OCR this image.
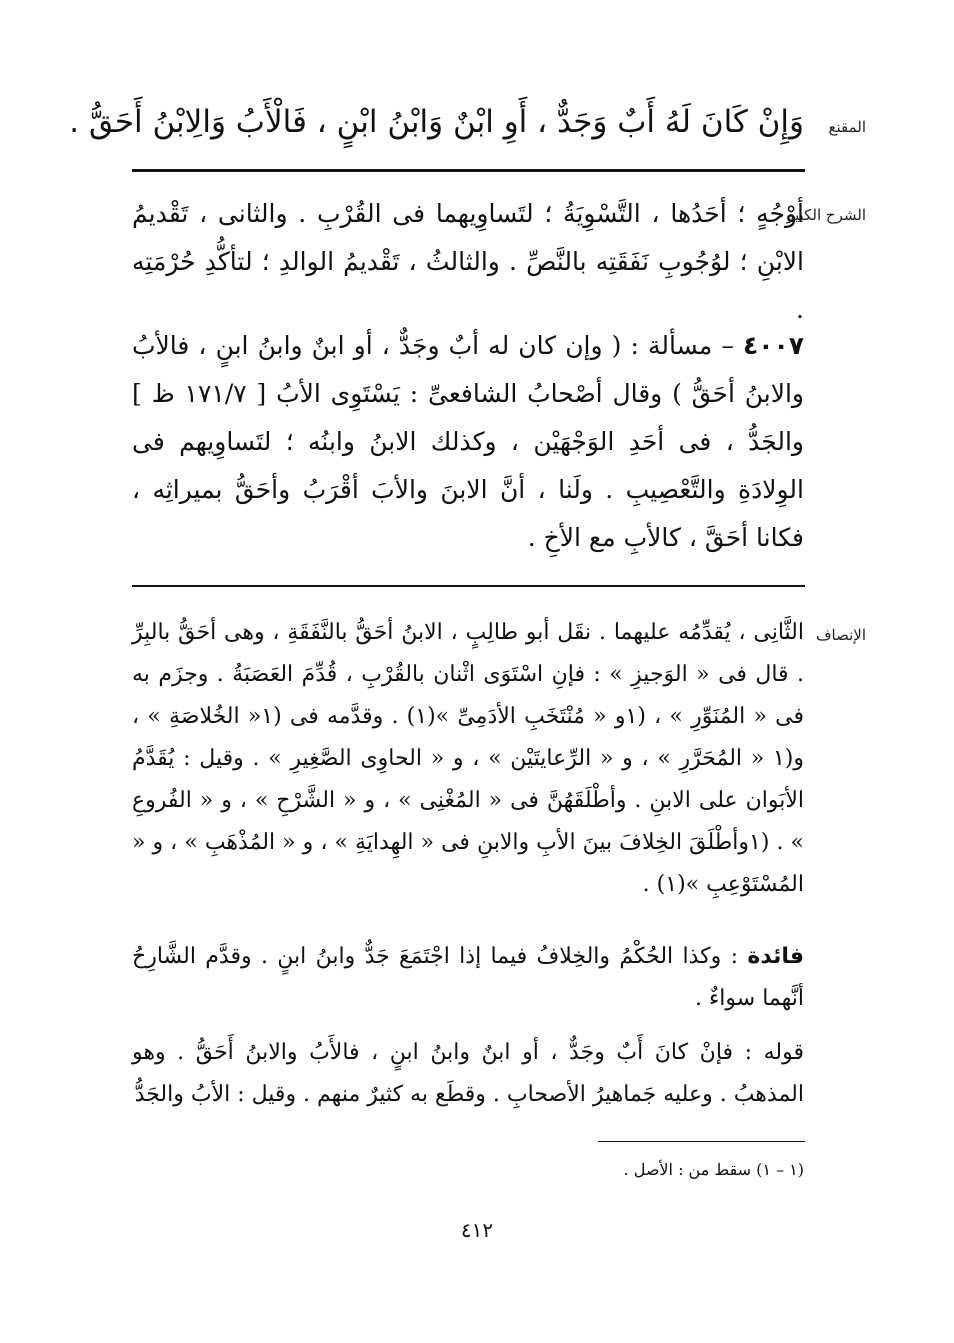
المقنع
وَإِنْ كَانَ لَهُ أَبٌ وَجَدٌّ ، أَوِ ابْنٌ وَابْنُ ابْنٍ ، فَالْأَبُ وَالِابْنُ أَحَقُّ .
الشرح الكبير
أوْجُهٍ ؛ أحَدُها ، التَّسْوِيَةُ ؛ لتَساوِيهما فى القُرْبِ . والثانى ، تَقْديمُ الابْنِ ؛ لوُجُوبِ نَفَقَتِه بالنَّصِّ . والثالثُ ، تَقْديمُ الوالدِ ؛ لتأكُّدِ حُرْمَتِه .
٤٠٠٧ – مسألة : ( وإن كان له أبٌ وجَدٌّ ، أو ابنٌ وابنُ ابنٍ ، فالأبُ والابنُ أحَقُّ ) وقال أصْحابُ الشافعىِّ : يَسْتَوِى الأبُ [ ١٧١/٧ ظ ] والجَدُّ ، فى أحَدِ الوَجْهَيْن ، وكذلك الابنُ وابنُه ؛ لتَساوِيهم فى الوِلادَةِ والتَّعْصِيبِ . ولَنا ، أنَّ الابنَ والأبَ أقْرَبُ وأحَقُّ بميراثِه ، فكانا أحَقَّ ، كالأبِ مع الأخِ .
الإنصاف
الثَّانِى ، يُقدِّمُه عليهما . نقَل أبو طالِبٍ ، الابنُ أحَقُّ بالنَّفَقَةِ ، وهى أحَقُّ بالبِرِّ . قال فى « الوَجيزِ » : فإنِ اسْتَوَى اثْنان بالقُرْبِ ، قُدِّمَ العَصَبَةُ . وجزَم به فى « المُنَوِّرِ » ، (١و « مُنْتَخَبِ الأدَمِىِّ »(١) . وقدَّمه فى (١« الخُلاصَةِ » ، و(١ « المُحَرَّرِ » ، و « الرِّعايتَيْن » ، و « الحاوِى الصَّغِيرِ » . وقيل : يُقَدَّمُ الأبَوان على الابنِ . وأطْلَقَهُنَّ فى « المُغْنِى » ، و « الشَّرْحِ » ، و « الفُروعِ » . (١وأطْلَقَ الخِلافَ بينَ الأبِ والابنِ فى « الهِدايَةِ » ، و « المُذْهَبِ » ، و « المُسْتَوْعِبِ »(١) .
فائدة : وكذا الحُكْمُ والخِلافُ فيما إذا اجْتَمَعَ جَدٌّ وابنُ ابنٍ . وقدَّم الشَّارِحُ أنَّهما سواءٌ .
قوله : فإنْ كانَ أَبٌ وجَدٌّ ، أو ابنٌ وابنُ ابنٍ ، فالأَبُ والابنُ أَحَقُّ . وهو المذهبُ . وعليه جَماهيرُ الأصحابِ . وقطَع به كثيرٌ منهم . وقيل : الأبُ والجَدُّ
(١ – ١) سقط من : الأصل .
٤١٢
